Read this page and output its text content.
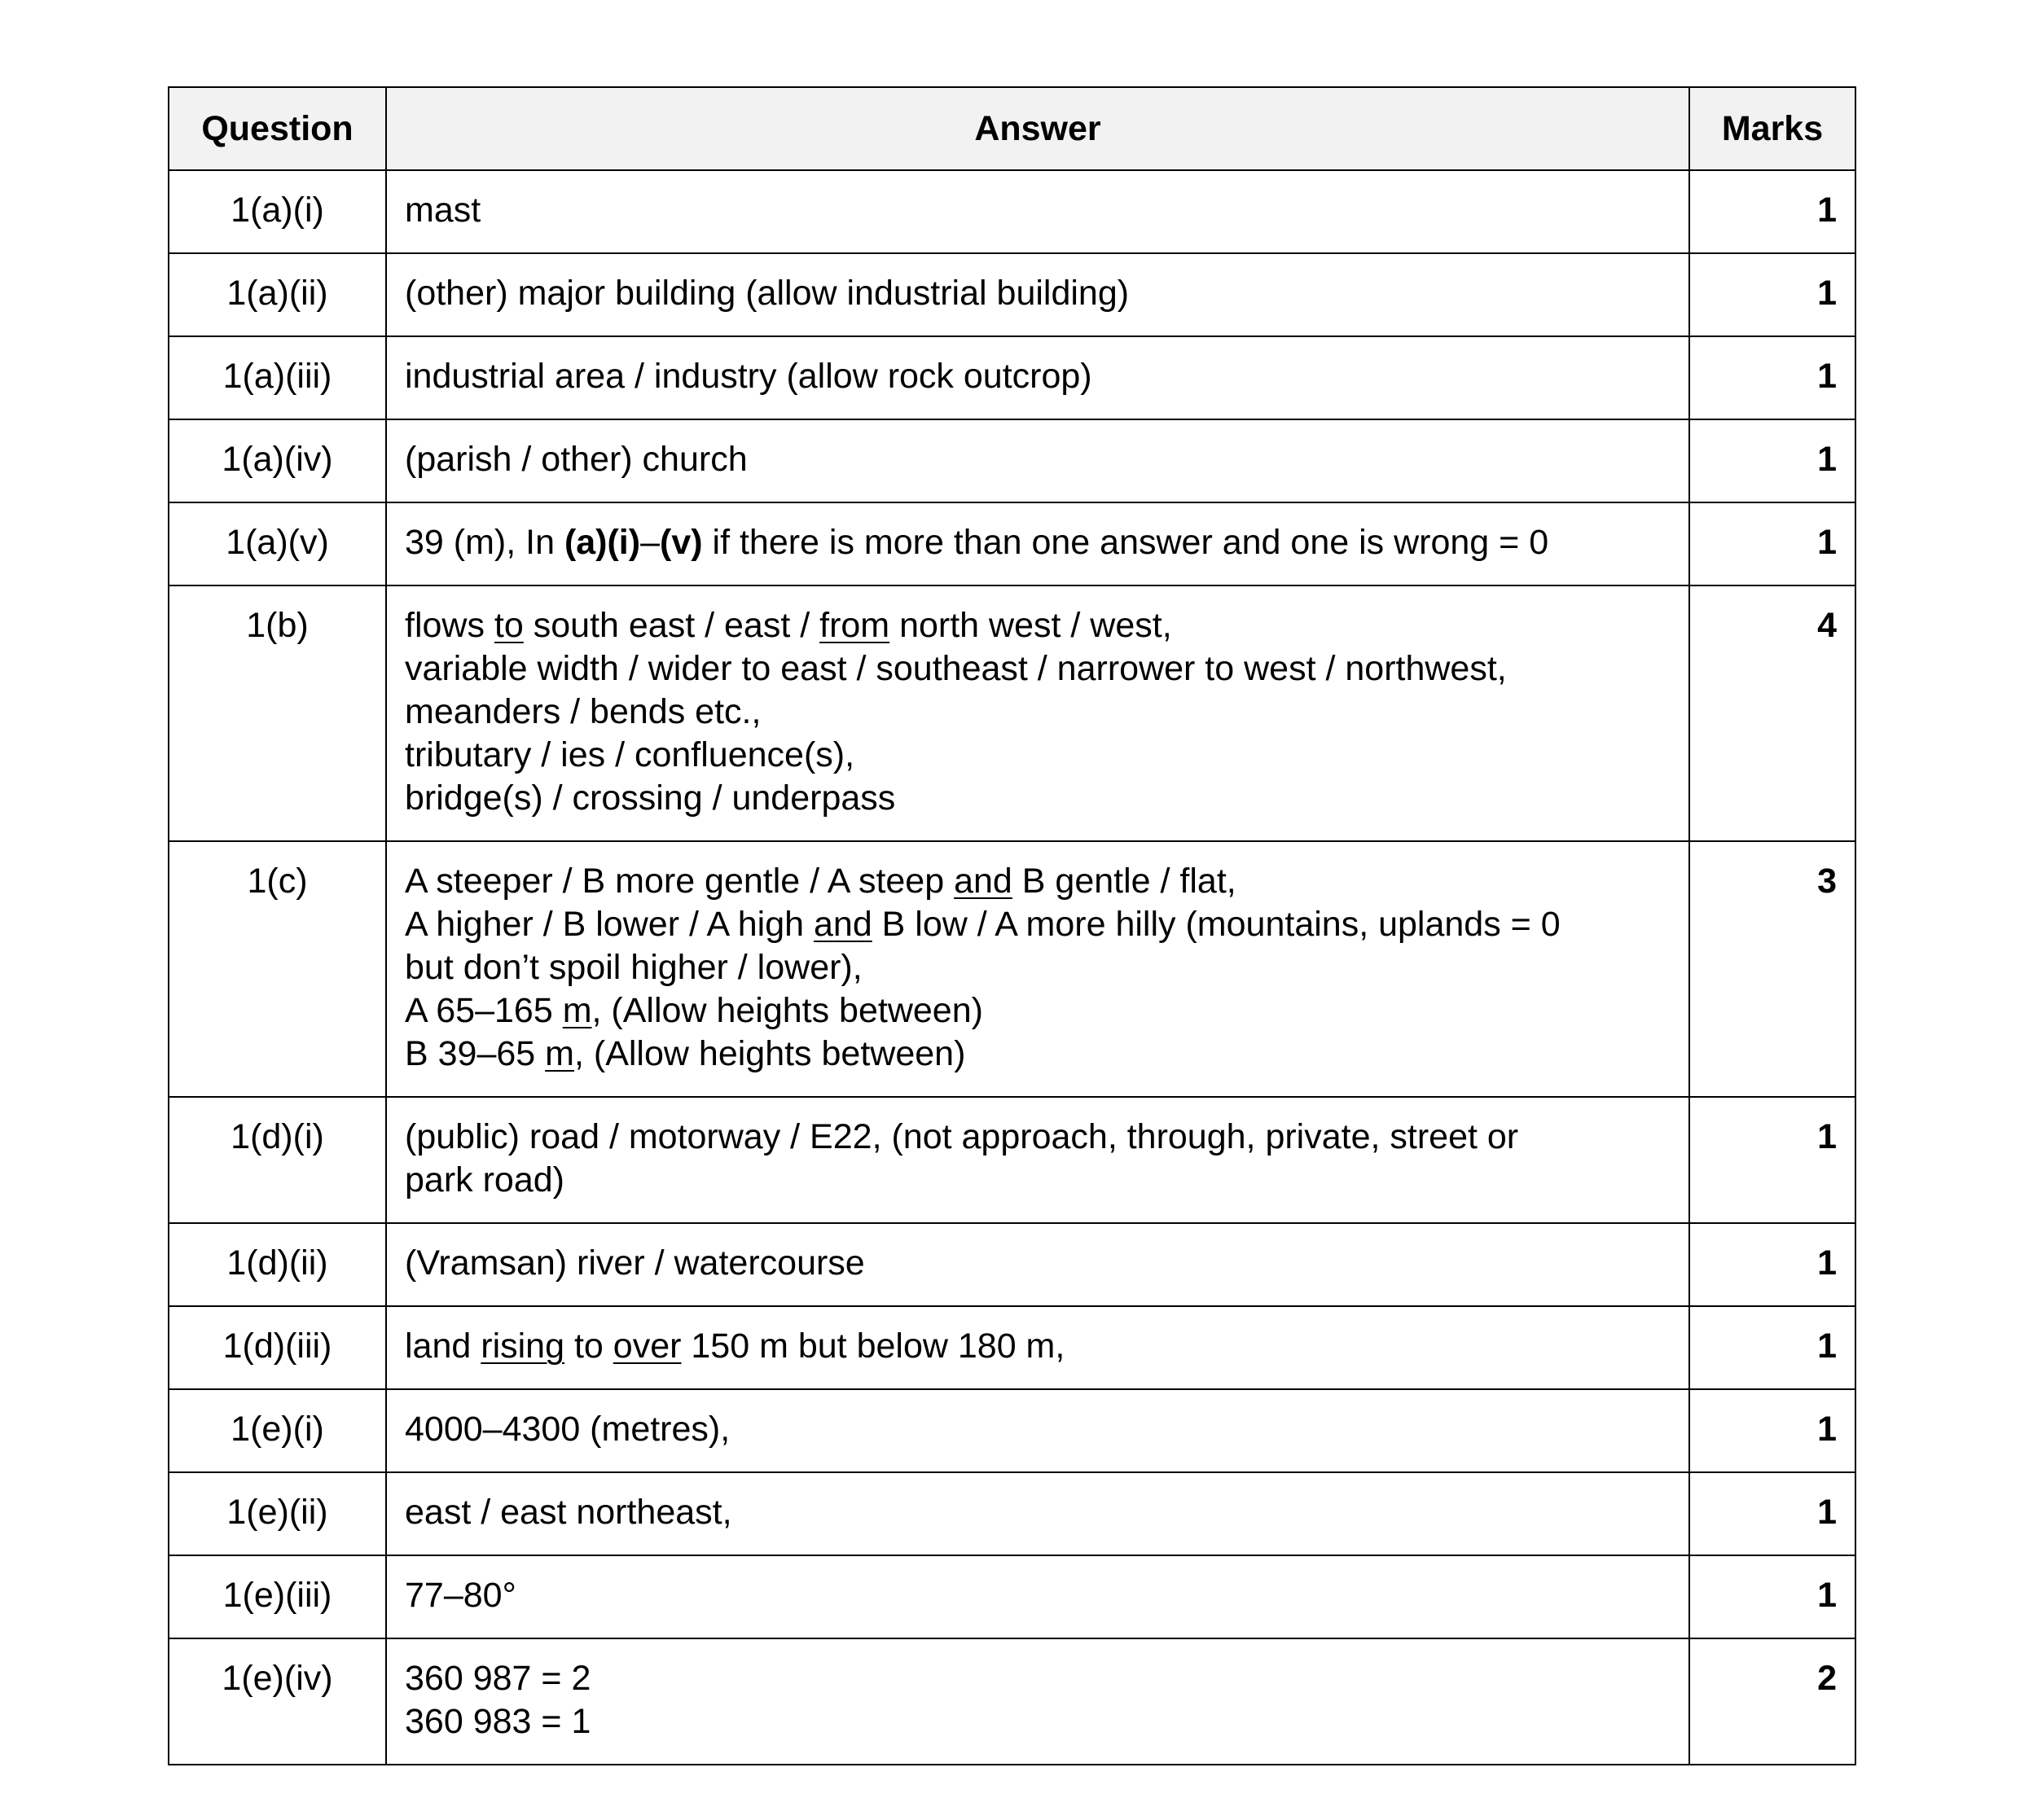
Question	Answer	Marks
1(a)(i)	mast	1
1(a)(ii)	(other) major building (allow industrial building)	1
1(a)(iii)	industrial area / industry (allow rock outcrop)	1
1(a)(iv)	(parish / other) church	1
1(a)(v)	39 (m), In (a)(i)–(v) if there is more than one answer and one is wrong = 0	1
1(b)	flows to south east / east / from north west / west,
variable width / wider to east / southeast / narrower to west / northwest,
meanders / bends etc.,
tributary / ies / confluence(s),
bridge(s) / crossing / underpass	4
1(c)	A steeper / B more gentle / A steep and B gentle / flat,
A higher / B lower / A high and B low / A more hilly (mountains, uplands = 0
but don’t spoil higher / lower),
A 65–165 m, (Allow heights between)
B 39–65 m, (Allow heights between)	3
1(d)(i)	(public) road / motorway / E22, (not approach, through, private, street or
park road)	1
1(d)(ii)	(Vramsan) river / watercourse	1
1(d)(iii)	land rising to over 150 m but below 180 m,	1
1(e)(i)	4000–4300 (metres),	1
1(e)(ii)	east / east northeast,	1
1(e)(iii)	77–80°	1
1(e)(iv)	360 987 = 2
360 983 = 1	2
